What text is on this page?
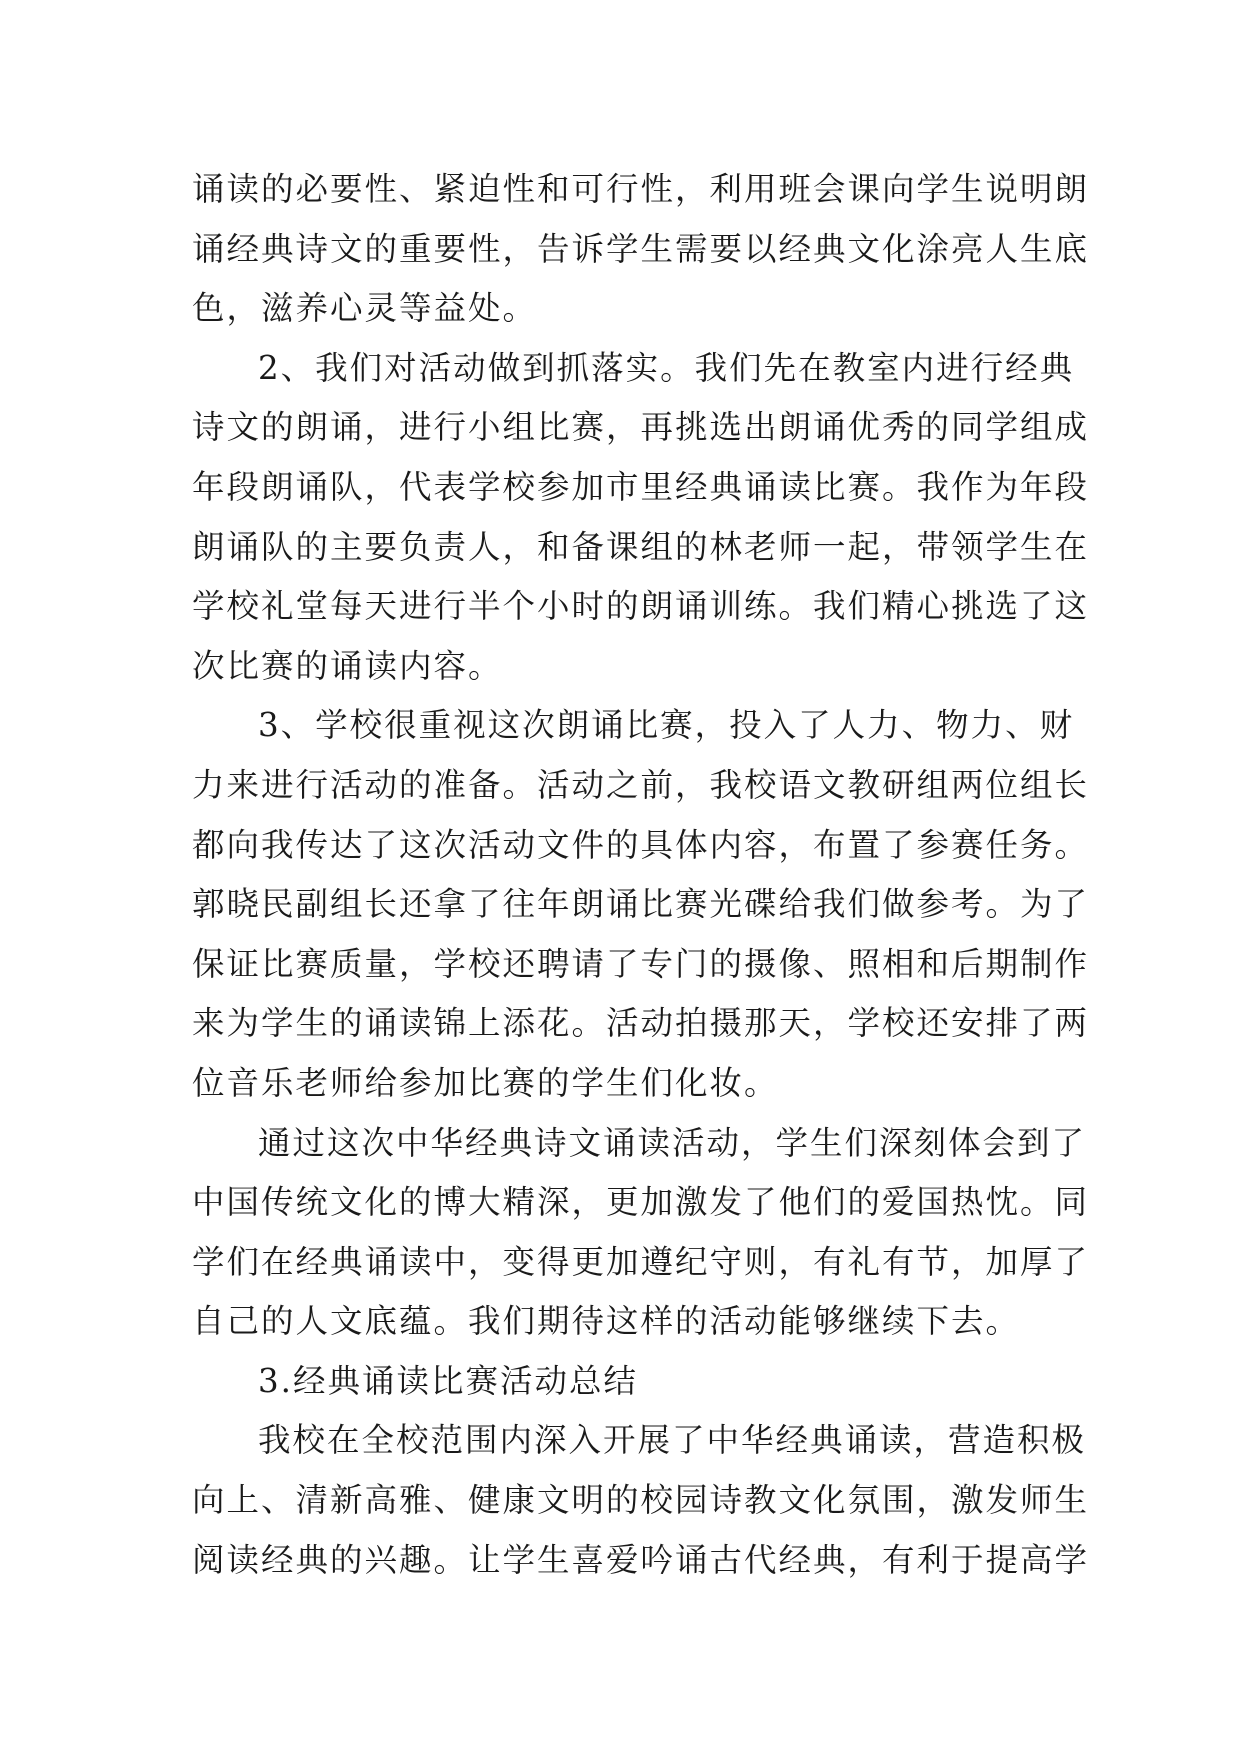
诵读的必要性、紧迫性和可行性，利用班会课向学生说明朗
诵经典诗文的重要性，告诉学生需要以经典文化涂亮人生底
色，滋养心灵等益处。
2、我们对活动做到抓落实。我们先在教室内进行经典
诗文的朗诵，进行小组比赛，再挑选出朗诵优秀的同学组成
年段朗诵队，代表学校参加市里经典诵读比赛。我作为年段
朗诵队的主要负责人，和备课组的林老师一起，带领学生在
学校礼堂每天进行半个小时的朗诵训练。我们精心挑选了这
次比赛的诵读内容。
3、学校很重视这次朗诵比赛，投入了人力、物力、财
力来进行活动的准备。活动之前，我校语文教研组两位组长
都向我传达了这次活动文件的具体内容，布置了参赛任务。
郭晓民副组长还拿了往年朗诵比赛光碟给我们做参考。为了
保证比赛质量，学校还聘请了专门的摄像、照相和后期制作
来为学生的诵读锦上添花。活动拍摄那天，学校还安排了两
位音乐老师给参加比赛的学生们化妆。
通过这次中华经典诗文诵读活动，学生们深刻体会到了
中国传统文化的博大精深，更加激发了他们的爱国热忱。同
学们在经典诵读中，变得更加遵纪守则，有礼有节，加厚了
自己的人文底蕴。我们期待这样的活动能够继续下去。
3.经典诵读比赛活动总结
我校在全校范围内深入开展了中华经典诵读，营造积极
向上、清新高雅、健康文明的校园诗教文化氛围，激发师生
阅读经典的兴趣。让学生喜爱吟诵古代经典，有利于提高学
